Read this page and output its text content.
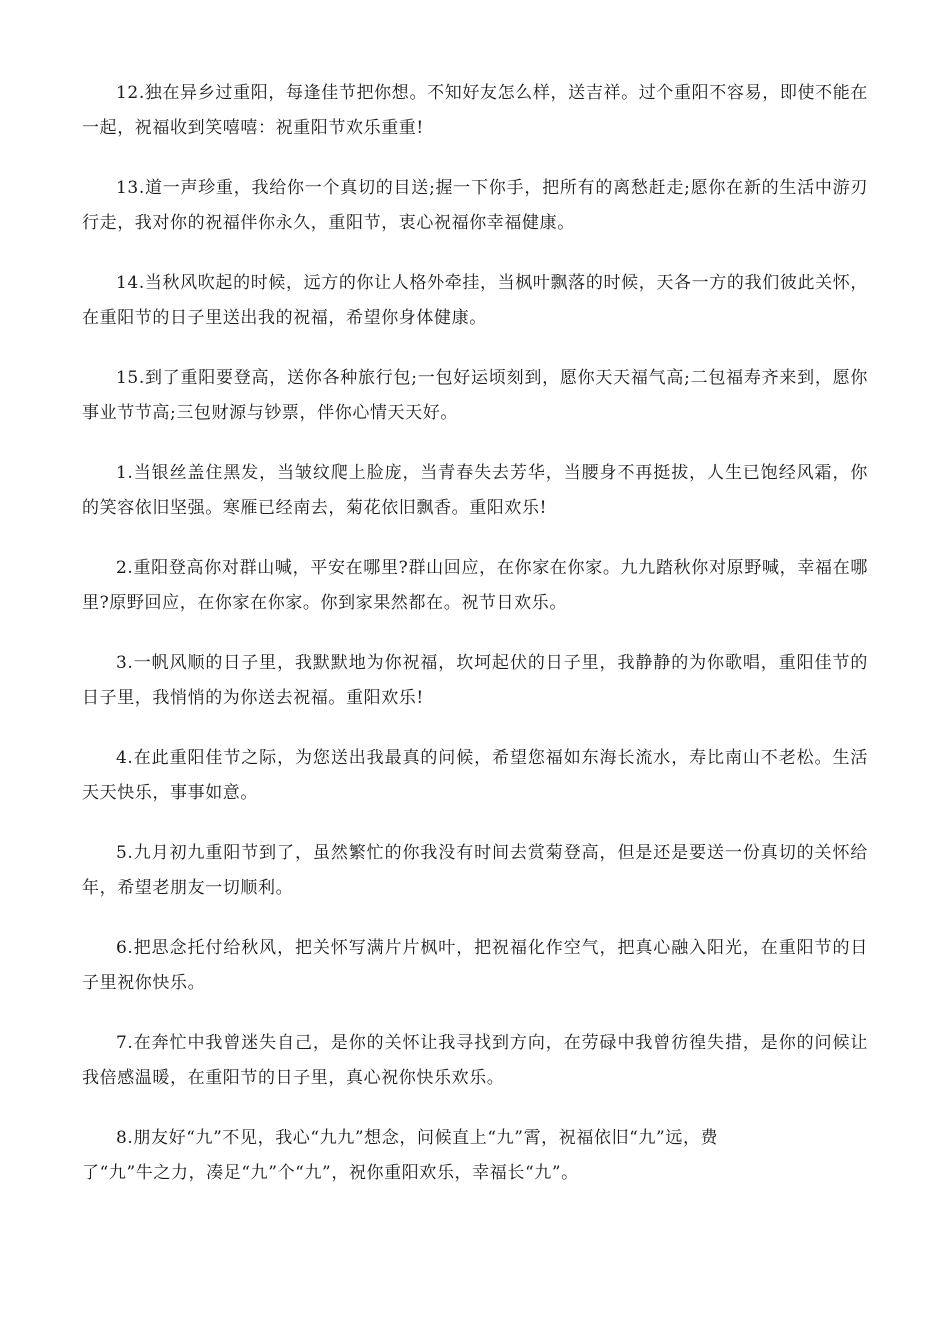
12.独在异乡过重阳，每逢佳节把你想。不知好友怎么样，送吉祥。过个重阳不容易，即使不能在一起，祝福收到笑嘻嘻：祝重阳节欢乐重重!

13.道一声珍重，我给你一个真切的目送;握一下你手，把所有的离愁赶走;愿你在新的生活中游刃行走，我对你的祝福伴你永久，重阳节，衷心祝福你幸福健康。

14.当秋风吹起的时候，远方的你让人格外牵挂，当枫叶飘落的时候，天各一方的我们彼此关怀，在重阳节的日子里送出我的祝福，希望你身体健康。

15.到了重阳要登高，送你各种旅行包;一包好运顷刻到，愿你天天福气高;二包福寿齐来到，愿你事业节节高;三包财源与钞票，伴你心情天天好。

1.当银丝盖住黑发，当皱纹爬上脸庞，当青春失去芳华，当腰身不再挺拔，人生已饱经风霜，你的笑容依旧坚强。寒雁已经南去，菊花依旧飘香。重阳欢乐!

2.重阳登高你对群山喊，平安在哪里?群山回应，在你家在你家。九九踏秋你对原野喊，幸福在哪里?原野回应，在你家在你家。你到家果然都在。祝节日欢乐。

3.一帆风顺的日子里，我默默地为你祝福，坎坷起伏的日子里，我静静的为你歌唱，重阳佳节的日子里，我悄悄的为你送去祝福。重阳欢乐!

4.在此重阳佳节之际，为您送出我最真的问候，希望您福如东海长流水，寿比南山不老松。生活天天快乐，事事如意。

5.九月初九重阳节到了，虽然繁忙的你我没有时间去赏菊登高，但是还是要送一份真切的关怀给年，希望老朋友一切顺利。

6.把思念托付给秋风，把关怀写满片片枫叶，把祝福化作空气，把真心融入阳光，在重阳节的日子里祝你快乐。

7.在奔忙中我曾迷失自己，是你的关怀让我寻找到方向，在劳碌中我曾彷徨失措，是你的问候让我倍感温暖，在重阳节的日子里，真心祝你快乐欢乐。

8.朋友好“九”不见，我心“九九”想念，问候直上“九”霄，祝福依旧“九”远，费
了“九”牛之力，凑足“九”个“九”，祝你重阳欢乐，幸福长“九”。
